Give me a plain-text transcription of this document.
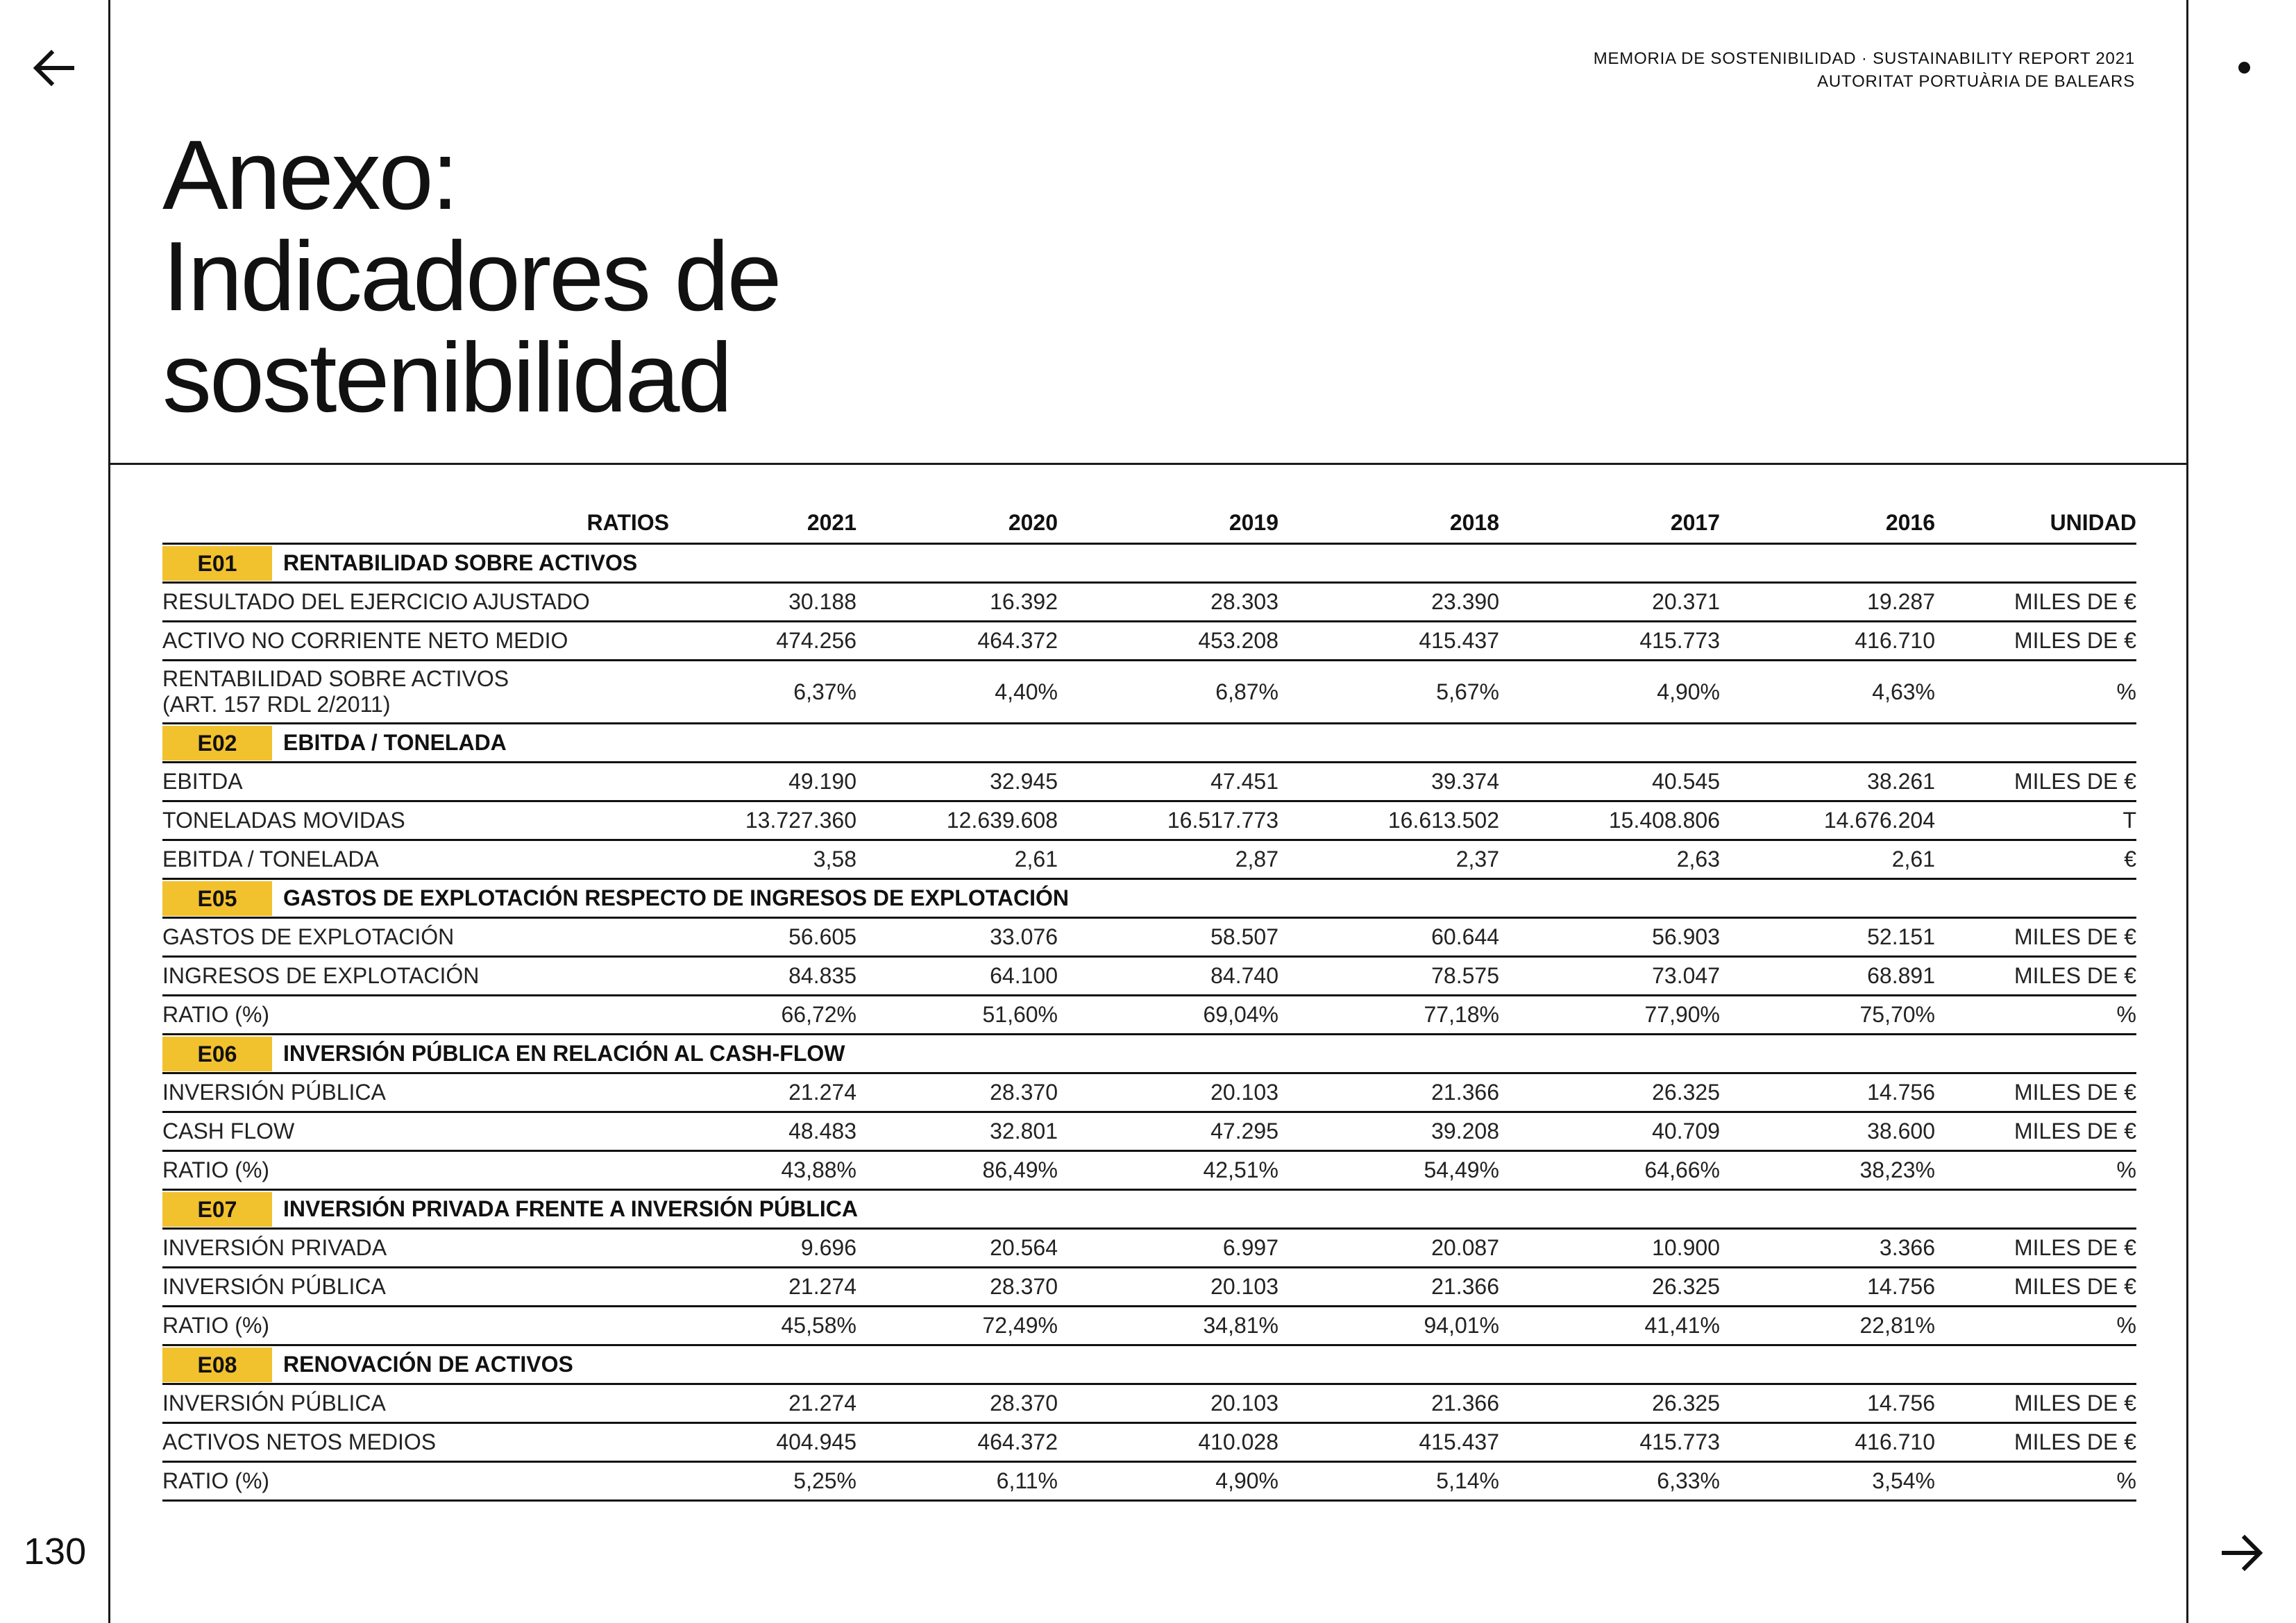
130
MEMORIA DE SOSTENIBILIDAD · SUSTAINABILITY REPORT 2021
AUTORITAT PORTUÀRIA DE BALEARS
Anexo:
Indicadores de
sostenibilidad
RATIOS	2021	2020	2019	2018	2017	2016	UNIDAD
E01 RENTABILIDAD SOBRE ACTIVOS							
RESULTADO DEL EJERCICIO AJUSTADO	30.188	16.392	28.303	23.390	20.371	19.287	MILES DE €
ACTIVO NO CORRIENTE NETO MEDIO	474.256	464.372	453.208	415.437	415.773	416.710	MILES DE €
RENTABILIDAD SOBRE ACTIVOS
(ART. 157 RDL 2/2011)	6,37%	4,40%	6,87%	5,67%	4,90%	4,63%	%
E02 EBITDA / TONELADA							
EBITDA	49.190	32.945	47.451	39.374	40.545	38.261	MILES DE €
TONELADAS MOVIDAS	13.727.360	12.639.608	16.517.773	16.613.502	15.408.806	14.676.204	T
EBITDA / TONELADA	3,58	2,61	2,87	2,37	2,63	2,61	€
E05 GASTOS DE EXPLOTACIÓN RESPECTO DE INGRESOS DE EXPLOTACIÓN							
GASTOS DE EXPLOTACIÓN	56.605	33.076	58.507	60.644	56.903	52.151	MILES DE €
INGRESOS DE EXPLOTACIÓN	84.835	64.100	84.740	78.575	73.047	68.891	MILES DE €
RATIO (%)	66,72%	51,60%	69,04%	77,18%	77,90%	75,70%	%
E06 INVERSIÓN PÚBLICA EN RELACIÓN AL CASH-FLOW							
INVERSIÓN PÚBLICA	21.274	28.370	20.103	21.366	26.325	14.756	MILES DE €
CASH FLOW	48.483	32.801	47.295	39.208	40.709	38.600	MILES DE €
RATIO (%)	43,88%	86,49%	42,51%	54,49%	64,66%	38,23%	%
E07 INVERSIÓN PRIVADA FRENTE A INVERSIÓN PÚBLICA							
INVERSIÓN PRIVADA	9.696	20.564	6.997	20.087	10.900	3.366	MILES DE €
INVERSIÓN PÚBLICA	21.274	28.370	20.103	21.366	26.325	14.756	MILES DE €
RATIO (%)	45,58%	72,49%	34,81%	94,01%	41,41%	22,81%	%
E08 RENOVACIÓN DE ACTIVOS							
INVERSIÓN PÚBLICA	21.274	28.370	20.103	21.366	26.325	14.756	MILES DE €
ACTIVOS NETOS MEDIOS	404.945	464.372	410.028	415.437	415.773	416.710	MILES DE €
RATIO (%)	5,25%	6,11%	4,90%	5,14%	6,33%	3,54%	%
